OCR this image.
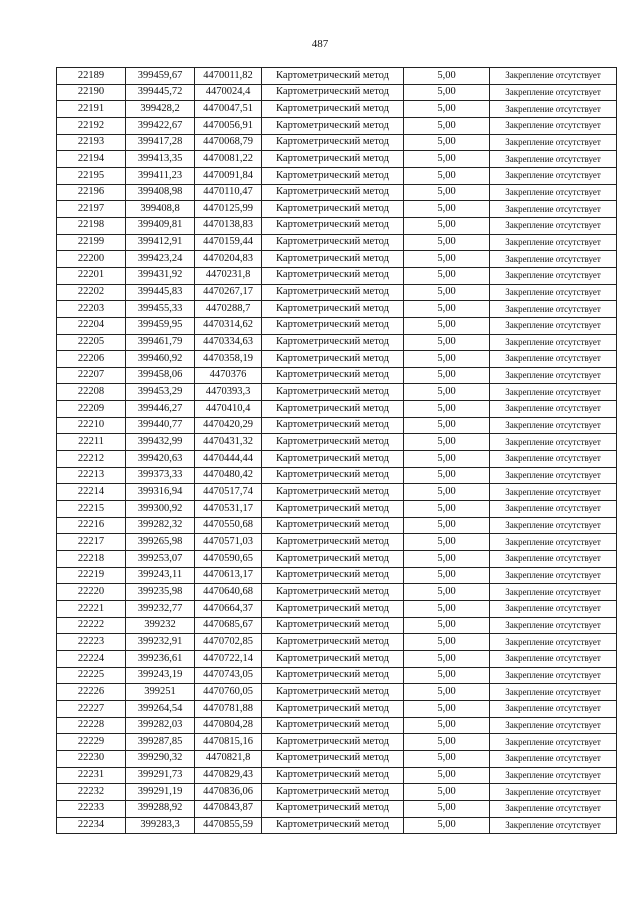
487
22189	399459,67	4470011,82	Картометрический метод	5,00	Закрепление отсутствует
22190	399445,72	4470024,4	Картометрический метод	5,00	Закрепление отсутствует
22191	399428,2	4470047,51	Картометрический метод	5,00	Закрепление отсутствует
22192	399422,67	4470056,91	Картометрический метод	5,00	Закрепление отсутствует
22193	399417,28	4470068,79	Картометрический метод	5,00	Закрепление отсутствует
22194	399413,35	4470081,22	Картометрический метод	5,00	Закрепление отсутствует
22195	399411,23	4470091,84	Картометрический метод	5,00	Закрепление отсутствует
22196	399408,98	4470110,47	Картометрический метод	5,00	Закрепление отсутствует
22197	399408,8	4470125,99	Картометрический метод	5,00	Закрепление отсутствует
22198	399409,81	4470138,83	Картометрический метод	5,00	Закрепление отсутствует
22199	399412,91	4470159,44	Картометрический метод	5,00	Закрепление отсутствует
22200	399423,24	4470204,83	Картометрический метод	5,00	Закрепление отсутствует
22201	399431,92	4470231,8	Картометрический метод	5,00	Закрепление отсутствует
22202	399445,83	4470267,17	Картометрический метод	5,00	Закрепление отсутствует
22203	399455,33	4470288,7	Картометрический метод	5,00	Закрепление отсутствует
22204	399459,95	4470314,62	Картометрический метод	5,00	Закрепление отсутствует
22205	399461,79	4470334,63	Картометрический метод	5,00	Закрепление отсутствует
22206	399460,92	4470358,19	Картометрический метод	5,00	Закрепление отсутствует
22207	399458,06	4470376	Картометрический метод	5,00	Закрепление отсутствует
22208	399453,29	4470393,3	Картометрический метод	5,00	Закрепление отсутствует
22209	399446,27	4470410,4	Картометрический метод	5,00	Закрепление отсутствует
22210	399440,77	4470420,29	Картометрический метод	5,00	Закрепление отсутствует
22211	399432,99	4470431,32	Картометрический метод	5,00	Закрепление отсутствует
22212	399420,63	4470444,44	Картометрический метод	5,00	Закрепление отсутствует
22213	399373,33	4470480,42	Картометрический метод	5,00	Закрепление отсутствует
22214	399316,94	4470517,74	Картометрический метод	5,00	Закрепление отсутствует
22215	399300,92	4470531,17	Картометрический метод	5,00	Закрепление отсутствует
22216	399282,32	4470550,68	Картометрический метод	5,00	Закрепление отсутствует
22217	399265,98	4470571,03	Картометрический метод	5,00	Закрепление отсутствует
22218	399253,07	4470590,65	Картометрический метод	5,00	Закрепление отсутствует
22219	399243,11	4470613,17	Картометрический метод	5,00	Закрепление отсутствует
22220	399235,98	4470640,68	Картометрический метод	5,00	Закрепление отсутствует
22221	399232,77	4470664,37	Картометрический метод	5,00	Закрепление отсутствует
22222	399232	4470685,67	Картометрический метод	5,00	Закрепление отсутствует
22223	399232,91	4470702,85	Картометрический метод	5,00	Закрепление отсутствует
22224	399236,61	4470722,14	Картометрический метод	5,00	Закрепление отсутствует
22225	399243,19	4470743,05	Картометрический метод	5,00	Закрепление отсутствует
22226	399251	4470760,05	Картометрический метод	5,00	Закрепление отсутствует
22227	399264,54	4470781,88	Картометрический метод	5,00	Закрепление отсутствует
22228	399282,03	4470804,28	Картометрический метод	5,00	Закрепление отсутствует
22229	399287,85	4470815,16	Картометрический метод	5,00	Закрепление отсутствует
22230	399290,32	4470821,8	Картометрический метод	5,00	Закрепление отсутствует
22231	399291,73	4470829,43	Картометрический метод	5,00	Закрепление отсутствует
22232	399291,19	4470836,06	Картометрический метод	5,00	Закрепление отсутствует
22233	399288,92	4470843,87	Картометрический метод	5,00	Закрепление отсутствует
22234	399283,3	4470855,59	Картометрический метод	5,00	Закрепление отсутствует
